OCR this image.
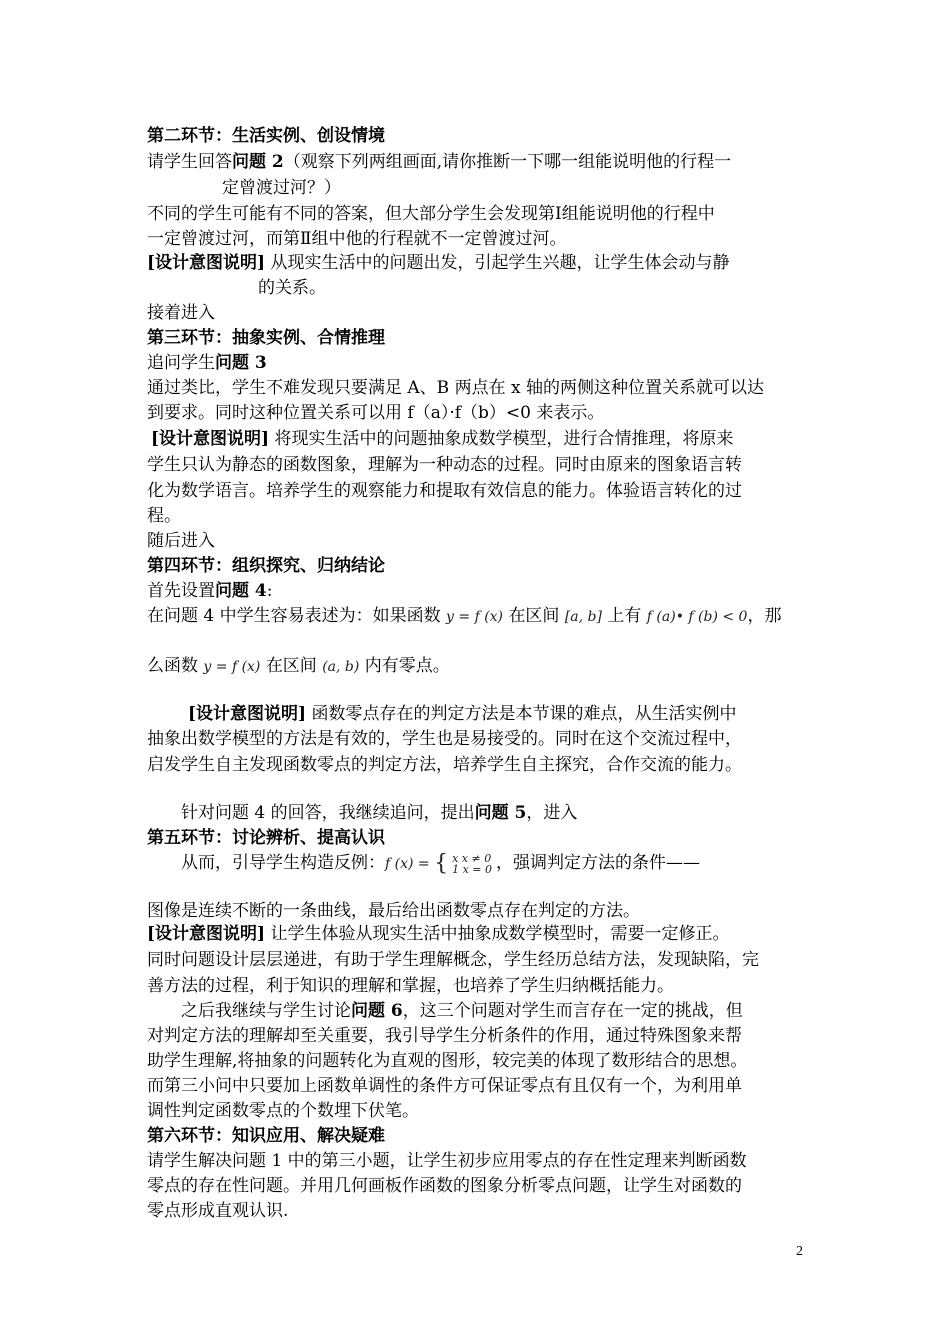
第二环节：生活实例、创设情境
请学生回答问题 2（观察下列两组画面,请你推断一下哪一组能说明他的行程一
定曾渡过河？）
不同的学生可能有不同的答案，但大部分学生会发现第Ⅰ组能说明他的行程中
一定曾渡过河，而第Ⅱ组中他的行程就不一定曾渡过河。
[设计意图说明] 从现实生活中的问题出发，引起学生兴趣，让学生体会动与静
的关系。
接着进入
第三环节：抽象实例、合情推理
追问学生问题 3
通过类比，学生不难发现只要满足 A、B 两点在 x 轴的两侧这种位置关系就可以达
到要求。同时这种位置关系可以用 f（a）·f（b）<0 来表示。
[设计意图说明] 将现实生活中的问题抽象成数学模型，进行合情推理，将原来
学生只认为静态的函数图象，理解为一种动态的过程。同时由原来的图象语言转
化为数学语言。培养学生的观察能力和提取有效信息的能力。体验语言转化的过
程。
随后进入
第四环节：组织探究、归纳结论
首先设置问题 4:
在问题 4 中学生容易表述为：如果函数 y = f (x) 在区间 [a, b] 上有 f (a)• f (b) < 0，那
么函数 y = f (x) 在区间 (a, b) 内有零点。
[设计意图说明] 函数零点存在的判定方法是本节课的难点，从生活实例中
抽象出数学模型的方法是有效的，学生也是易接受的。同时在这个交流过程中，
启发学生自主发现函数零点的判定方法，培养学生自主探究，合作交流的能力。
针对问题 4 的回答，我继续追问，提出问题 5，进入
第五环节：讨论辨析、提高认识
从而，引导学生构造反例：f (x) = { x x ≠ 0
1 x = 0 ，强调判定方法的条件——
图像是连续不断的一条曲线，最后给出函数零点存在判定的方法。
[设计意图说明] 让学生体验从现实生活中抽象成数学模型时，需要一定修正。
同时问题设计层层递进，有助于学生理解概念，学生经历总结方法，发现缺陷，完
善方法的过程，利于知识的理解和掌握，也培养了学生归纳概括能力。
之后我继续与学生讨论问题 6，这三个问题对学生而言存在一定的挑战，但
对判定方法的理解却至关重要，我引导学生分析条件的作用，通过特殊图象来帮
助学生理解,将抽象的问题转化为直观的图形，较完美的体现了数形结合的思想。
而第三小问中只要加上函数单调性的条件方可保证零点有且仅有一个，为利用单
调性判定函数零点的个数埋下伏笔。
第六环节：知识应用、解决疑难
请学生解决问题 1 中的第三小题，让学生初步应用零点的存在性定理来判断函数
零点的存在性问题。并用几何画板作函数的图象分析零点问题，让学生对函数的
零点形成直观认识.
2
